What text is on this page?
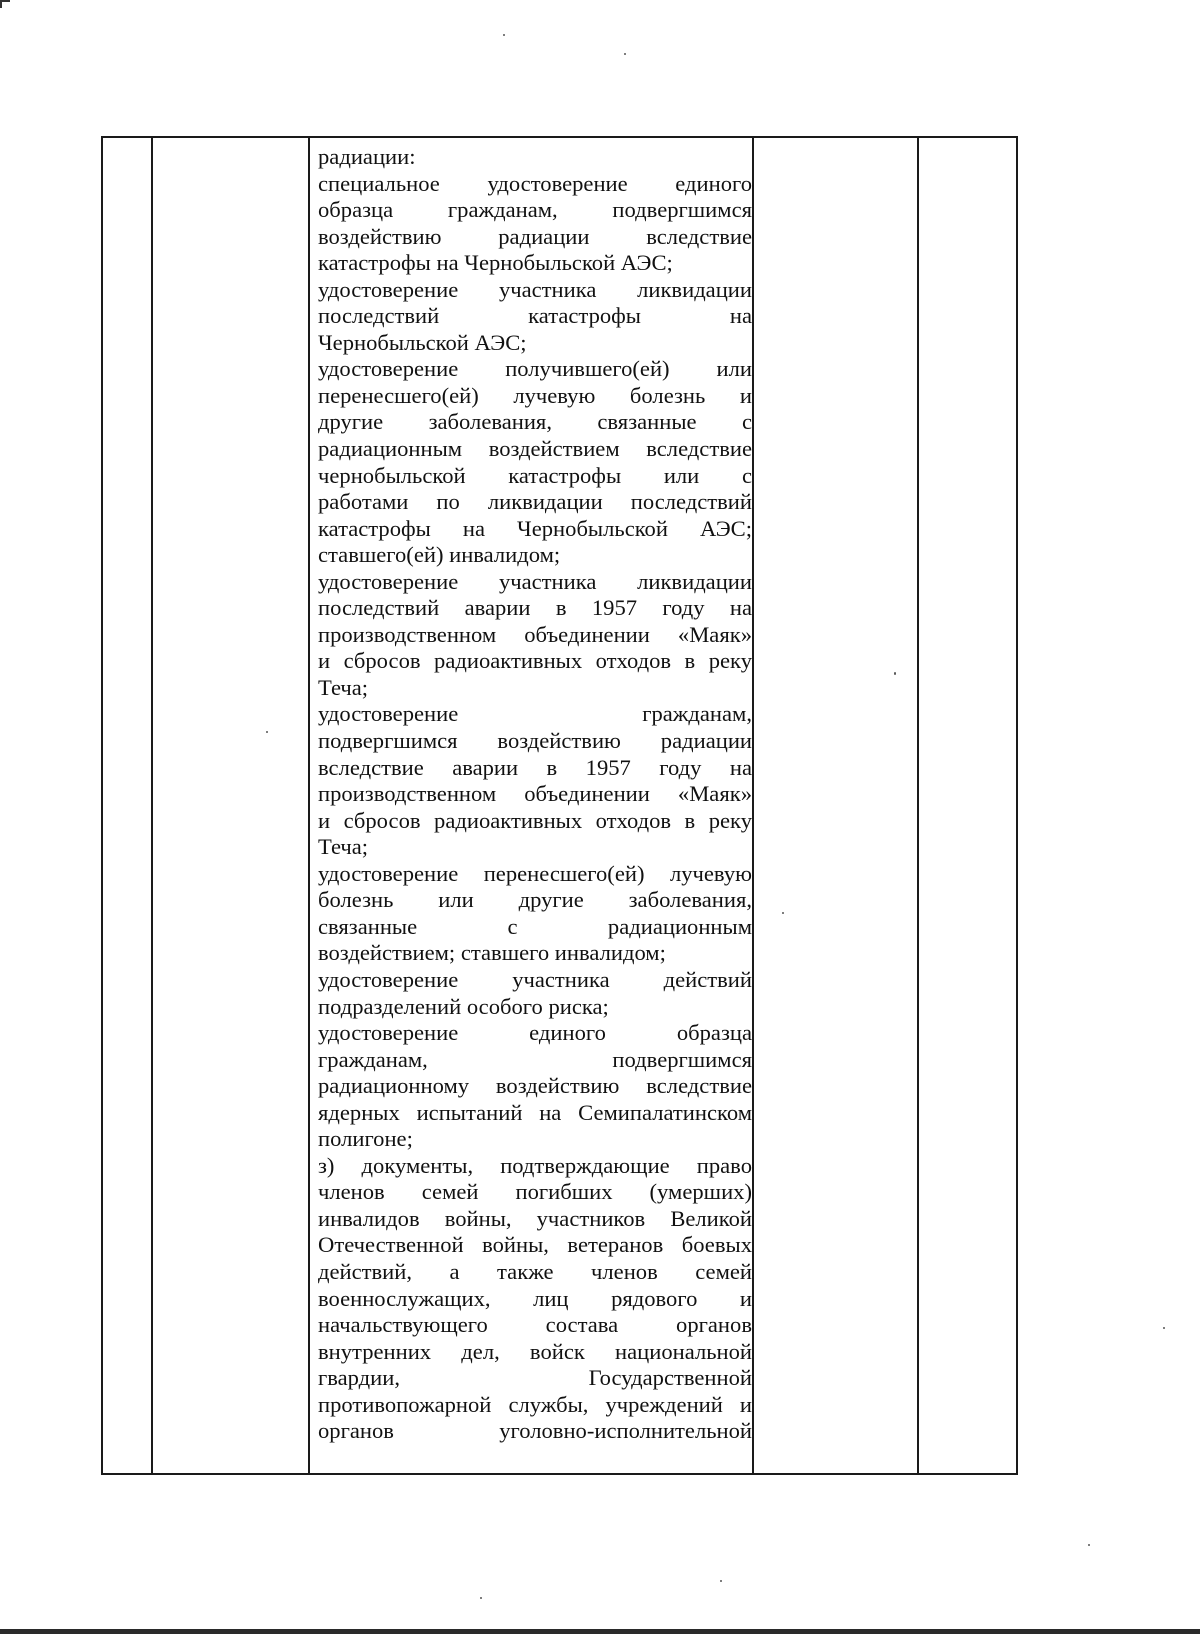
радиации:
специальное удостоверение единого
образца гражданам, подвергшимся
воздействию радиации вследствие
катастрофы на Чернобыльской АЭС;
удостоверение участника ликвидации
последствий катастрофы на
Чернобыльской АЭС;
удостоверение получившего(ей) или
перенесшего(ей) лучевую болезнь и
другие заболевания, связанные с
радиационным воздействием вследствие
чернобыльской катастрофы или с
работами по ликвидации последствий
катастрофы на Чернобыльской АЭС;
ставшего(ей) инвалидом;
удостоверение участника ликвидации
последствий аварии в 1957 году на
производственном объединении «Маяк»
и сбросов радиоактивных отходов в реку
Теча;
удостоверение гражданам,
подвергшимся воздействию радиации
вследствие аварии в 1957 году на
производственном объединении «Маяк»
и сбросов радиоактивных отходов в реку
Теча;
удостоверение перенесшего(ей) лучевую
болезнь или другие заболевания,
связанные с радиационным
воздействием; ставшего инвалидом;
удостоверение участника действий
подразделений особого риска;
удостоверение единого образца
гражданам, подвергшимся
радиационному воздействию вследствие
ядерных испытаний на Семипалатинском
полигоне;
з) документы, подтверждающие право
членов семей погибших (умерших)
инвалидов войны, участников Великой
Отечественной войны, ветеранов боевых
действий, а также членов семей
военнослужащих, лиц рядового и
начальствующего состава органов
внутренних дел, войск национальной
гвардии, Государственной
противопожарной службы, учреждений и
органов уголовно-исполнительной
